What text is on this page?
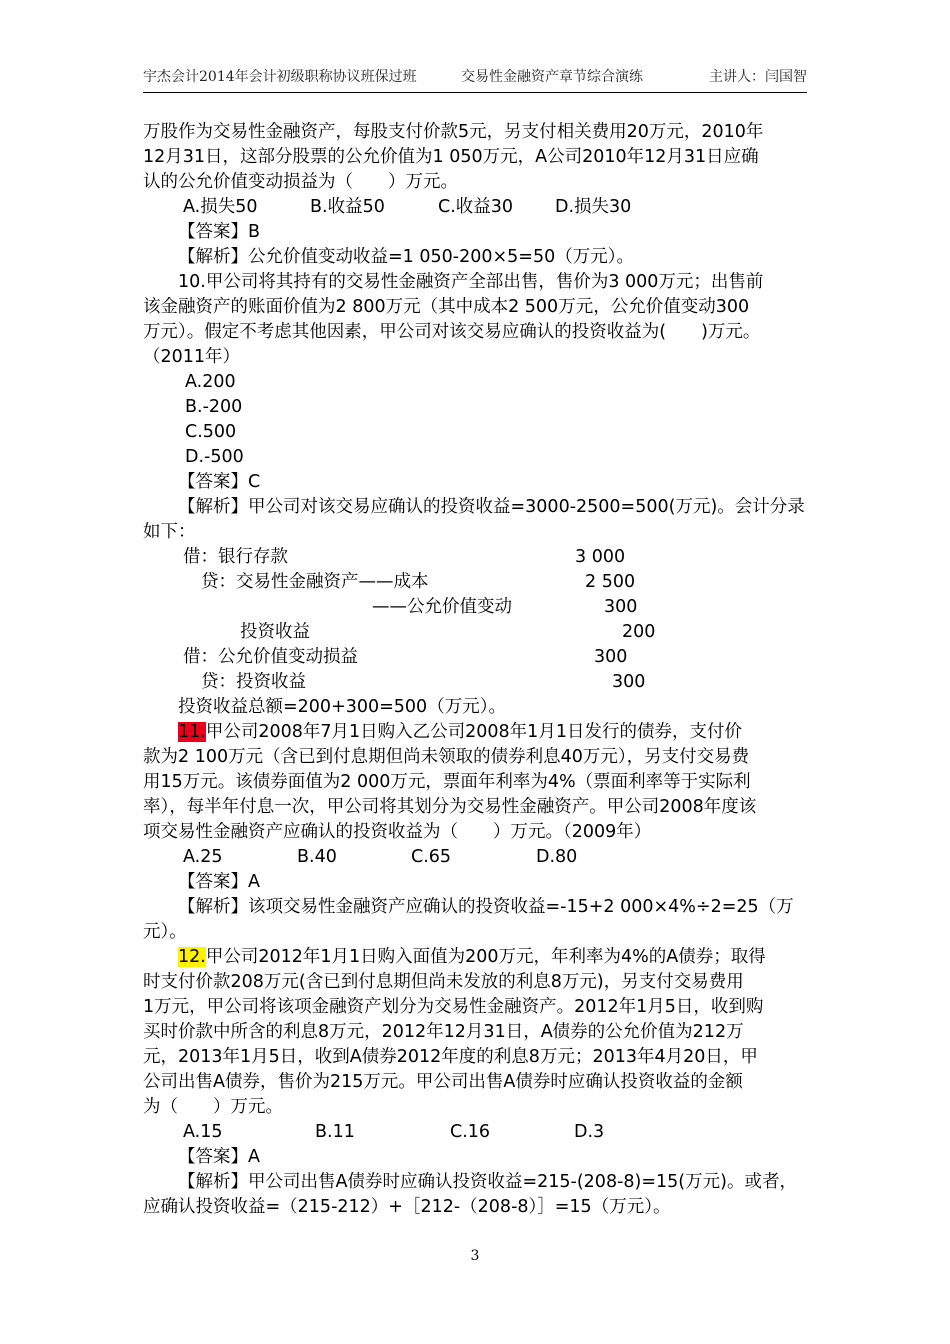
宇杰会计2014年会计初级职称协议班保过班	交易性金融资产章节综合演练	主讲人：闫国智

万股作为交易性金融资产，每股支付价款5元，另支付相关费用20万元，2010年

12月31日，这部分股票的公允价值为1 050万元，A公司2010年12月31日应确

认的公允价值变动损益为（　　）万元。

A.损失50	B.收益50	C.收益30 D.损失30

【答案】B

【解析】公允价值变动收益=1 050-200×5=50（万元）。

10.甲公司将其持有的交易性金融资产全部出售，售价为3 000万元；出售前

该金融资产的账面价值为2 800万元（其中成本2 500万元，公允价值变动300

万元）。假定不考虑其他因素，甲公司对该交易应确认的投资收益为(　　)万元。

（2011年）

A.200

B.-200

C.500

D.-500

【答案】C

【解析】甲公司对该交易应确认的投资收益=3000-2500=500(万元)。会计分录

如下：

借：银行存款	3 000
贷：交易性金融资产——成本	2 500
——公允价值变动	300
投资收益	200
借：公允价值变动损益	300
贷：投资收益	300

投资收益总额=200+300=500（万元）。

11.甲公司2008年7月1日购入乙公司2008年1月1日发行的债券，支付价

款为2 100万元（含已到付息期但尚未领取的债券利息40万元），另支付交易费

用15万元。该债券面值为2 000万元，票面年利率为4%（票面利率等于实际利

率），每半年付息一次，甲公司将其划分为交易性金融资产。甲公司2008年度该

项交易性金融资产应确认的投资收益为（　　）万元。（2009年）

A.25	B.40	C.65	D.80

【答案】A

【解析】该项交易性金融资产应确认的投资收益=-15+2 000×4%÷2=25（万

元）。

12.甲公司2012年1月1日购入面值为200万元，年利率为4%的A债券；取得

时支付价款208万元(含已到付息期但尚未发放的利息8万元)，另支付交易费用

1万元，甲公司将该项金融资产划分为交易性金融资产。2012年1月5日，收到购

买时价款中所含的利息8万元，2012年12月31日，A债券的公允价值为212万

元，2013年1月5日，收到A债券2012年度的利息8万元；2013年4月20日，甲

公司出售A债券，售价为215万元。甲公司出售A债券时应确认投资收益的金额

为（　　）万元。

A.15	B.11	C.16	D.3

【答案】A

【解析】甲公司出售A债券时应确认投资收益=215-(208-8)=15(万元)。或者，

应确认投资收益=（215-212）+［212-（208-8）］=15（万元）。

3
